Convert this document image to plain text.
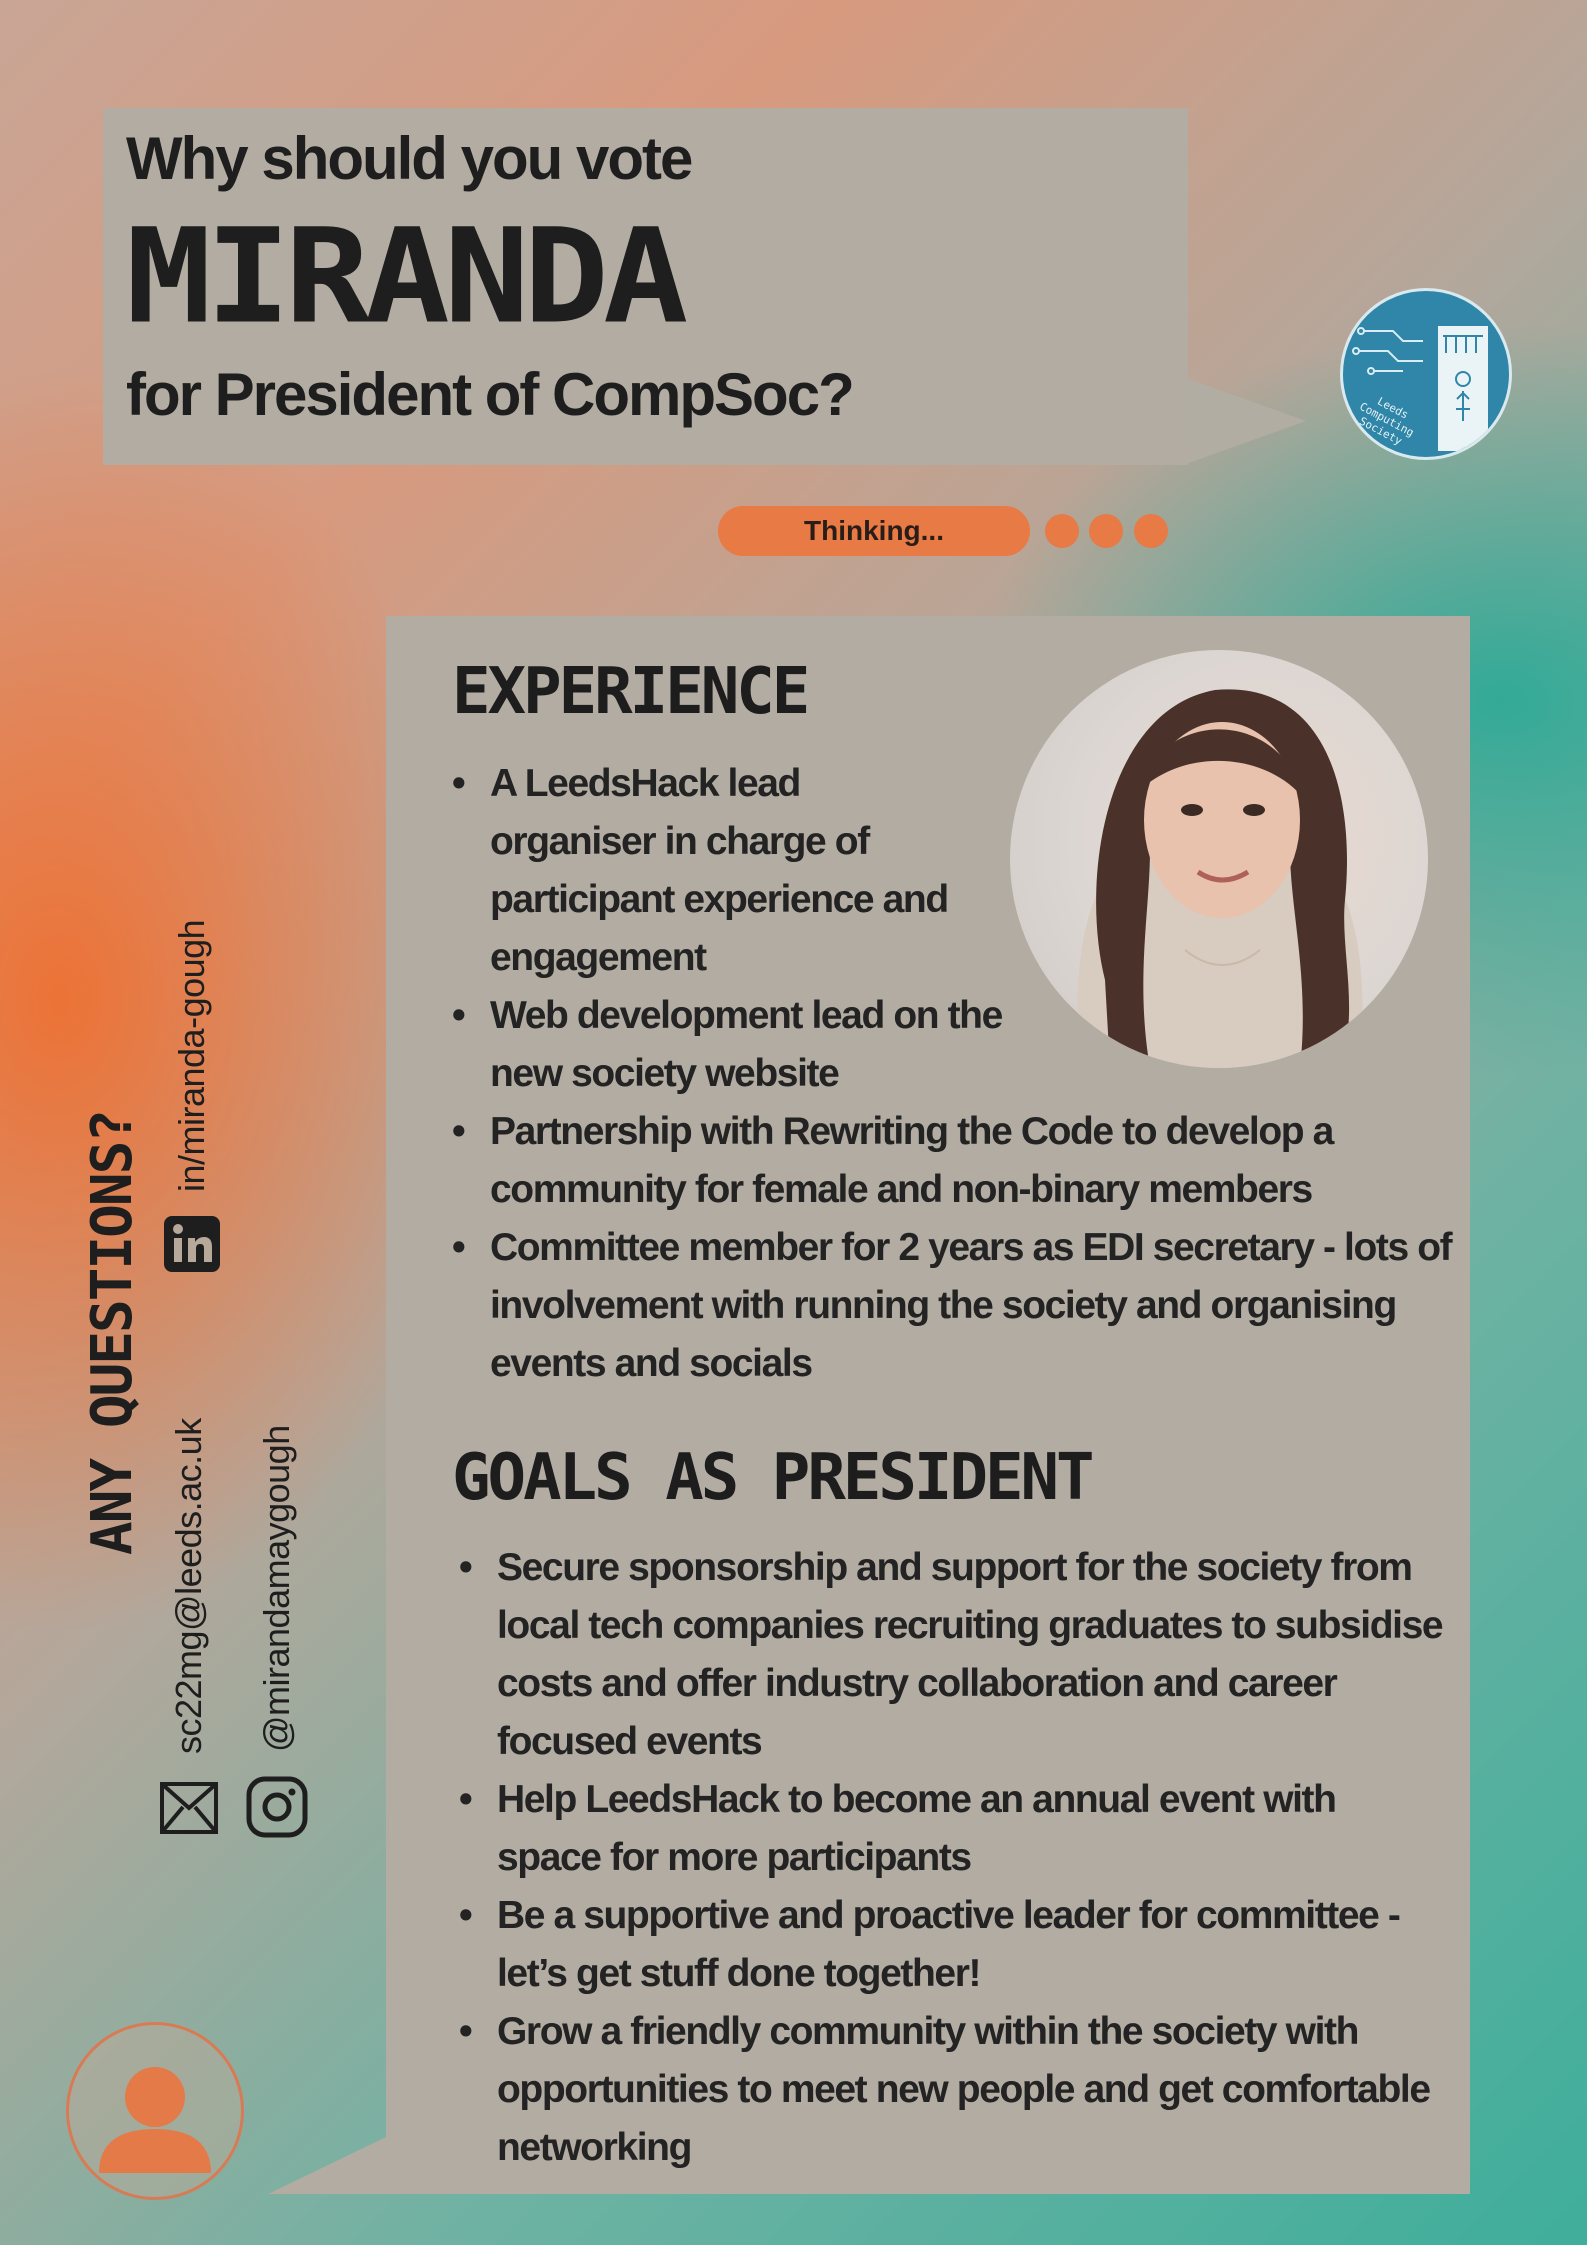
Why should you vote
MIRANDA
for President of CompSoc?	Leeds Computing Society
Thinking...
EXPERIENCE
• A LeedsHack lead organiser in charge of participant experience and engagement
• Web development lead on the new society website
• Partnership with Rewriting the Code to develop a community for female and non-binary members
• Committee member for 2 years as EDI secretary - lots of involvement with running the society and organising events and socials
GOALS AS PRESIDENT
• Secure sponsorship and support for the society from local tech companies recruiting graduates to subsidise costs and offer industry collaboration and career focused events
• Help LeedsHack to become an annual event with space for more participants
• Be a supportive and proactive leader for committee - let’s get stuff done together!
• Grow a friendly community within the society with opportunities to meet new people and get comfortable networking
ANY QUESTIONS?
in/miranda-gough
sc22mg@leeds.ac.uk @mirandamaygough
